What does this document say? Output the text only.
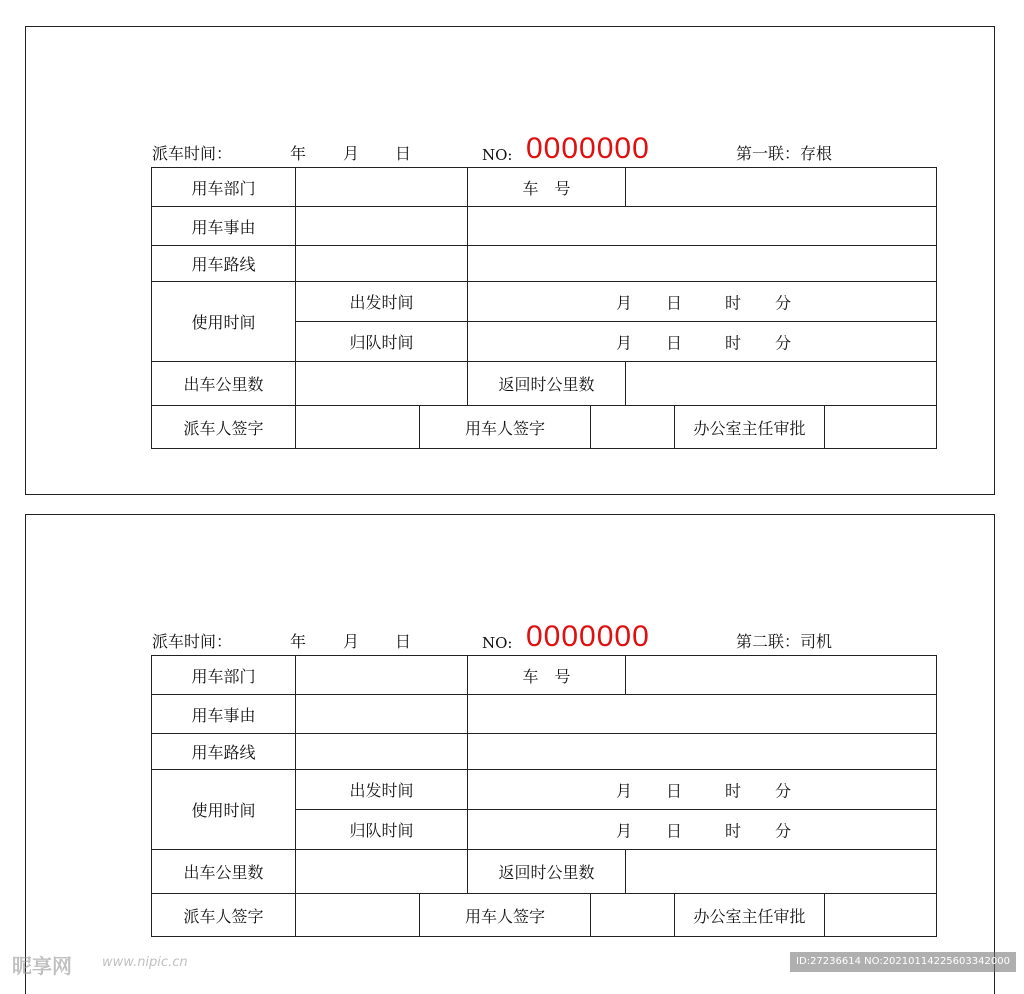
派车时间：	年 月 日	NO: 0000000	第一联：存根
用车部门			车　号				
用车事由							
用车路线							
使用时间	出发时间		月 日 时 分				

	归队时间		月 日 时 分				

出车公里数			返回时公里数				
派车人签字		用车人签字				办公室主任审批	
派车时间：	年 月 日	NO: 0000000	第二联：司机
用车部门			车　号				
用车事由							
用车路线							
使用时间	出发时间		月 日 时 分				

	归队时间		月 日 时 分				

出车公里数			返回时公里数				
派车人签字		用车人签字				办公室主任审批	
昵享网 www.nipic.cn	ID:27236614 NO:20210114225603342000
